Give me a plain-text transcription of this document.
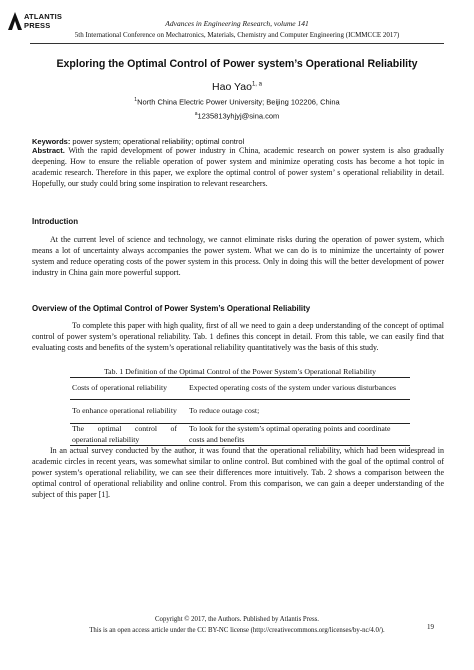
ATLANTIS
PRESS	Advances in Engineering Research, volume 141
5th International Conference on Mechatronics, Materials, Chemistry and Computer Engineering (ICMMCCE 2017)
Exploring the Optimal Control of Power system’s Operational Reliability
Hao Yao$^{1, a}$
$^1$North China Electric Power University; Beijing 102206, China
$^a$1235813yhjyj@sina.com
Keywords: power system; operational reliability; optimal control

Abstract. With the rapid development of power industry in China, academic research on power system is also gradually deepening. How to ensure the reliable operation of power system and minimize operating costs has become a hot topic in academic research. Therefore in this paper, we explore the optimal control of power system’ s operational reliability in detail. Hopefully, our study could bring some inspiration to relevant researchers.

Introduction

At the current level of science and technology, we cannot eliminate risks during the operation of power system, which means a lot of uncertainty always accompanies the power system. What we can do is to minimize the uncertainty of power system and reduce operating costs of the power system in this process. Only in doing this will the better development of power industry in China gain more powerful support.

Overview of the Optimal Control of Power System’s Operational Reliability

To complete this paper with high quality, first of all we need to gain a deep understanding of the concept of optimal control of power system’s operational reliability. Tab. 1 defines this concept in detail. From this table, we can easily find that evaluating costs and benefits of the system’s operational reliability quantitatively was the basis of this study.

Tab. 1 Definition of the Optimal Control of the Power System’s Operational Reliability
Costs of operational reliability	Expected operating costs of the system under various disturbances
To enhance operational reliability	To reduce outage cost;
The optimal control of operational reliability	To look for the system’s optimal operating points and coordinate costs and benefits

In an actual survey conducted by the author, it was found that the operational reliability, which had been widespread in academic circles in recent years, was somewhat similar to online control. But combined with the goal of the optimal control of power system’s operational reliability, we can see their differences more intuitively. Tab. 2 shows a comparison between the optimal control of operational reliability and online control. From this comparison, we can gain a deeper understanding of the subject of this paper [1].

Copyright © 2017, the Authors. Published by Atlantis Press.
This is an open access article under the CC BY-NC license (http://creativecommons.org/licenses/by-nc/4.0/).	19
